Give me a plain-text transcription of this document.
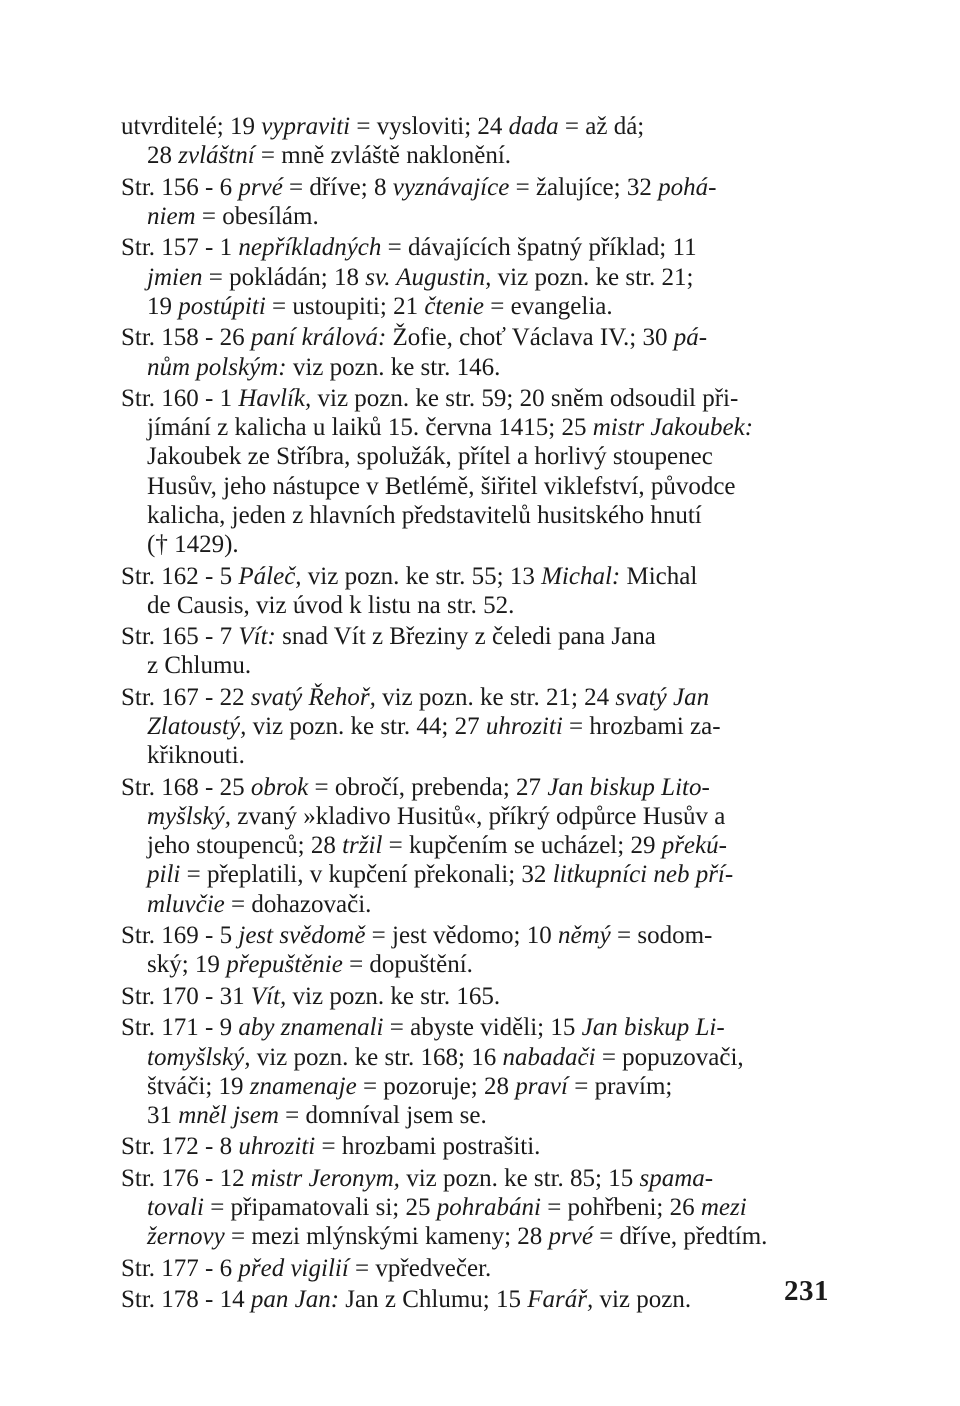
utvrditelé; 19 vypraviti = vysloviti; 24 dada = až dá;
28 zvláštní = mně zvláště naklonění.
Str. 156 - 6 prvé = dříve; 8 vyznávajíce = žalujíce; 32 pohá-
niem = obesílám.
Str. 157 - 1 nepříkladných = dávajících špatný příklad; 11
jmien = pokládán; 18 sv. Augustin, viz pozn. ke str. 21;
19 postúpiti = ustoupiti; 21 čtenie = evangelia.
Str. 158 - 26 paní králová: Žofie, choť Václava IV.; 30 pá-
nům polským: viz pozn. ke str. 146.
Str. 160 - 1 Havlík, viz pozn. ke str. 59; 20 sněm odsoudil při-
jímání z kalicha u laiků 15. června 1415; 25 mistr Jakoubek:
Jakoubek ze Stříbra, spolužák, přítel a horlivý stoupenec
Husův, jeho nástupce v Betlémě, šiřitel viklefství, původce
kalicha, jeden z hlavních představitelů husitského hnutí
(† 1429).
Str. 162 - 5 Páleč, viz pozn. ke str. 55; 13 Michal: Michal
de Causis, viz úvod k listu na str. 52.
Str. 165 - 7 Vít: snad Vít z Březiny z čeledi pana Jana
z Chlumu.
Str. 167 - 22 svatý Řehoř, viz pozn. ke str. 21; 24 svatý Jan
Zlatoustý, viz pozn. ke str. 44; 27 uhroziti = hrozbami za-
křiknouti.
Str. 168 - 25 obrok = obročí, prebenda; 27 Jan biskup Lito-
myšlský, zvaný »kladivo Husitů«, příkrý odpůrce Husův a
jeho stoupenců; 28 tržil = kupčením se ucházel; 29 překú-
pili = přeplatili, v kupčení překonali; 32 litkupníci neb pří-
mluvčie = dohazovači.
Str. 169 - 5 jest svědomě = jest vědomo; 10 němý = sodom-
ský; 19 přepuštěnie = dopuštění.
Str. 170 - 31 Vít, viz pozn. ke str. 165.
Str. 171 - 9 aby znamenali = abyste viděli; 15 Jan biskup Li-
tomyšlský, viz pozn. ke str. 168; 16 nabadači = popuzovači,
štváči; 19 znamenaje = pozoruje; 28 praví = pravím;
31 mněl jsem = domníval jsem se.
Str. 172 - 8 uhroziti = hrozbami postrašiti.
Str. 176 - 12 mistr Jeronym, viz pozn. ke str. 85; 15 spama-
tovali = připamatovali si; 25 pohrabáni = pohřbeni; 26 mezi
žernovy = mezi mlýnskými kameny; 28 prvé = dříve, předtím.
Str. 177 - 6 před vigilií = vpředvečer.
Str. 178 - 14 pan Jan: Jan z Chlumu; 15 Farář, viz pozn.	231
